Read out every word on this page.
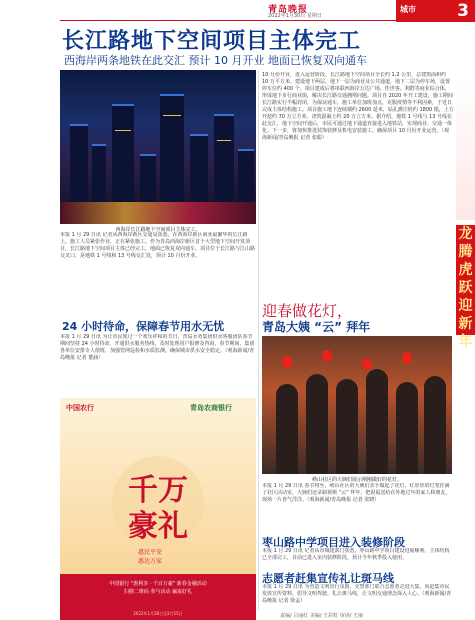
青岛晚报
2022年1月30日 星期日
城市 3
长江路地下空间项目主体完工
西海岸两条地铁在此交汇 预计 10 月开业 地面已恢复双向通车
西海岸长江路地下空间项目主体完工。
本报 1 月 29 日讯 记者从西海岸新区交通局获悉，在西海岸新区商业最繁华的长江路上，施工人员紧张作业，正在紧张施工。作为青岛西海岸新区首个大型地下空间开发项目，长江路地下空间项目主体已经完工，地面已恢复双向通车。项目位于长江路与江山路交叉口，是地铁 1 号线和 13 号线交汇处，预计 10 月份开业。
10 月份开业，进入运营阶段。长江路地下空间项目全长约 1.2 公里，总建筑面积约 10 万平方米，建设地下两层，地下一层为商业及公共通道，地下二层为停车场，设置停车位约 400 个。项目建成后将串联西海岸万达广场、佳世客、利群等商业综合体，形成地下步行商业街，解决长江路交通拥堵问题。项目自 2020 年开工建设，施工期间长江路实行半幅封闭，为保证通车，施工单位加班加点，克服疫情等不利因素，于近日完成主体结构施工。项目施工地下连续墙约 2600 延米，钻孔灌注桩约 1800 根，土方开挖约 70 万立方米，浇筑混凝土约 20 万立方米。据介绍，地铁 1 号线与 13 号线在此交汇，地下空间开通后，市民可通过地下通道直接进入地铁站，实现商业、交通一体化。下一步，将加快推进装饰装修及机电安装施工，确保项目 10 月份开业运营。（观海新闻/青岛晚报 记者 张聪）
24 小时待命，保障春节用水无忧
本报 1 月 29 日讯 为让市民度过一个欢乐祥和的节日，青岛水务集团供水客服团队春节期间坚持 24 小时待命，开通供水服务热线，及时处理用户报修及咨询。春节期间，集团各单位安排专人值班，加强管网巡检和水质监测，确保城市供水安全稳定。（观海新闻/青岛晚报 记者 董涵）
中国农行	青岛农商银行
千万
豪礼
惠民平安
惠达万家

中国银行 "惠利享 · 千百万豪" 新春金融活动

扫描二维码 参与活动 赢取好礼

2022年1月28日至2月15日
龙
腾
虎
跃
迎
新
年
迎春做花灯，
青岛大姨 “云” 拜年
崂山社区的大姨们展示刚刚做好的花灯。
本报 1 月 29 日讯 春节将至，崂山社区的大姨们亲手做起了花灯，红彤彤的灯笼挂满了社区活动室，大姨们还录制视频 “云” 拜年，把祝福送给在外地过年的家人和朋友，现场一片喜气洋洋。（观海新闻/青岛晚报 记者 张晓）
枣山路中学项目进入装修阶段
本报 1 月 29 日讯 记者从市城建部门获悉，枣山路中学项目建设进展顺利，主体结构已全部完工，目前已进入室内装修阶段，预计今年秋季投入使用。
志愿者赶集宣传礼让斑马线
本报 1 月 29 日讯 为营造文明出行氛围，交警部门联合志愿者走进大集，向赶集市民发放宣传资料，倡导文明驾驶、礼让斑马线，让文明交通理念深入人心。（观海新闻/青岛晚报 记者 徐孟）
责编/ 吕丽红 美编/ 王彩虹 审读/ 王丽
